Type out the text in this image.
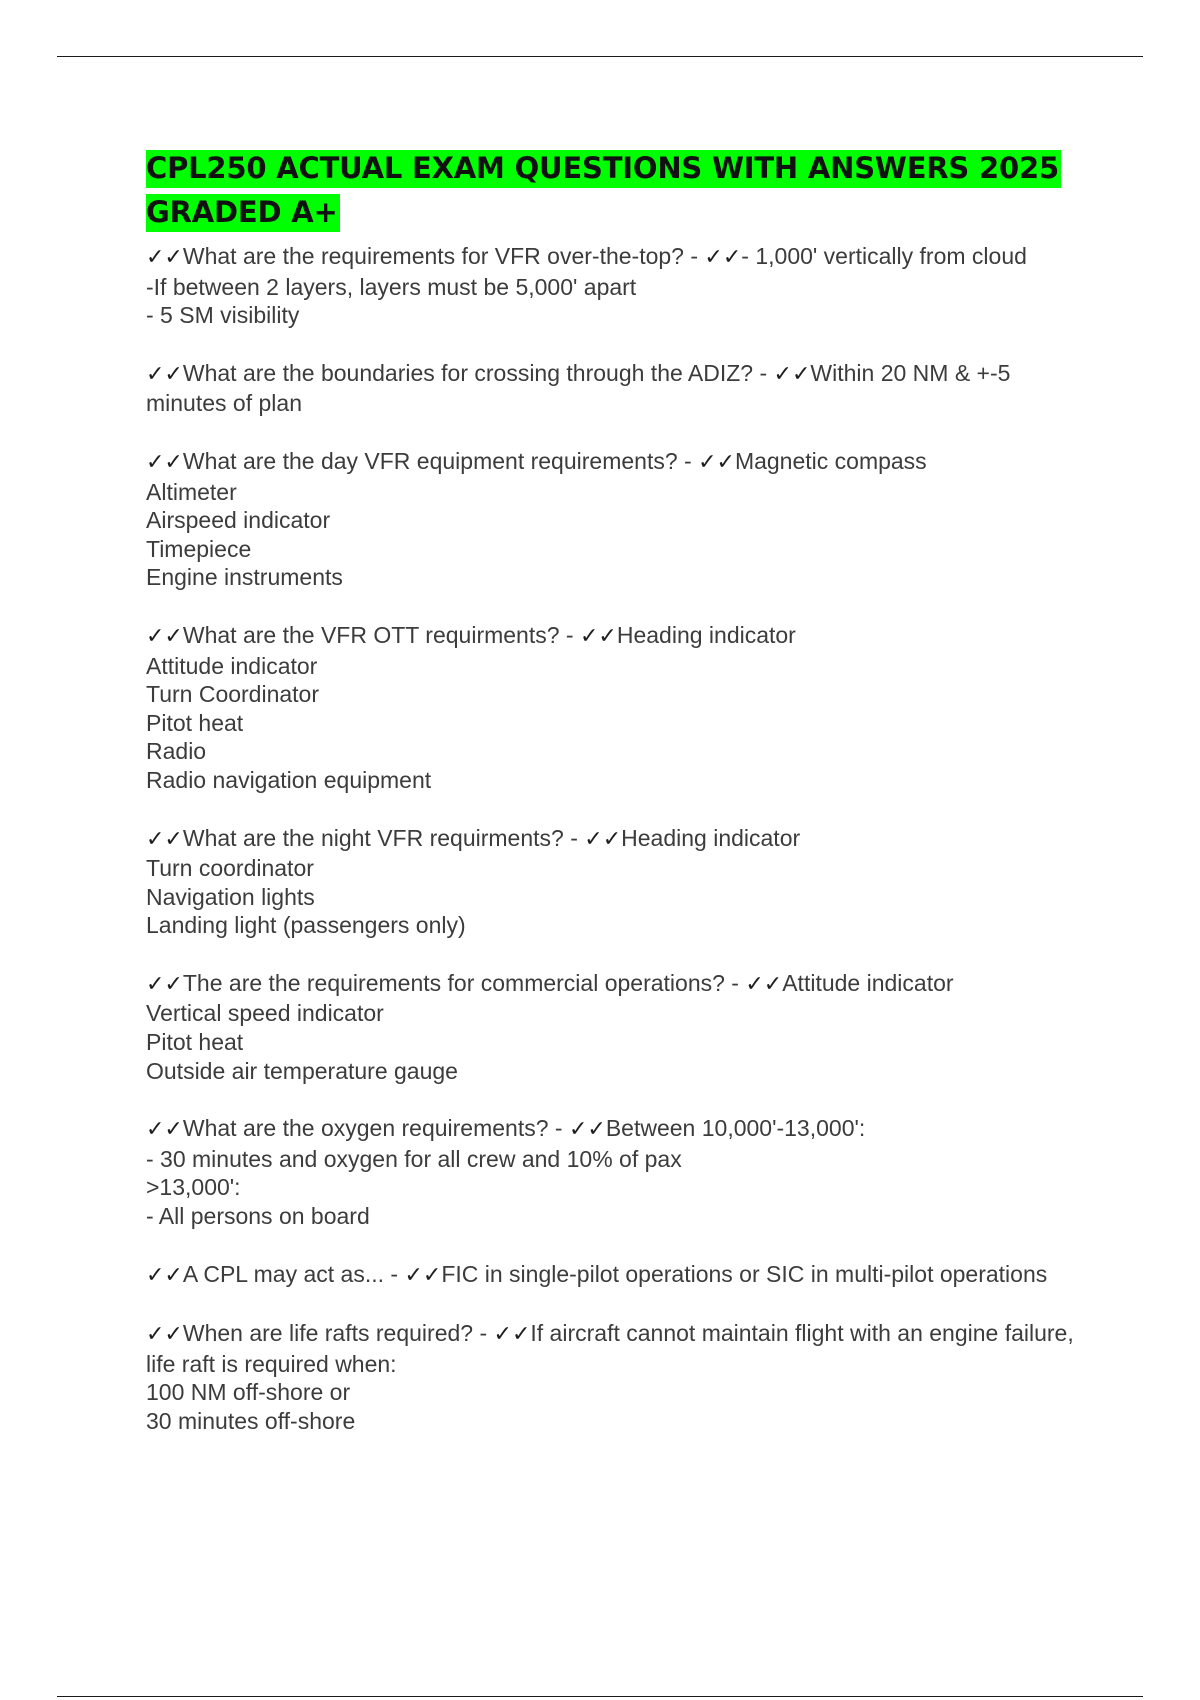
CPL250 ACTUAL EXAM QUESTIONS WITH ANSWERS 2025 GRADED A+
✓✓What are the requirements for VFR over-the-top? - ✓✓- 1,000' vertically from cloud
-If between 2 layers, layers must be 5,000' apart
- 5 SM visibility
✓✓What are the boundaries for crossing through the ADIZ? - ✓✓Within 20 NM & +-5 minutes of plan
✓✓What are the day VFR equipment requirements? - ✓✓Magnetic compass
Altimeter
Airspeed indicator
Timepiece
Engine instruments
✓✓What are the VFR OTT requirments? - ✓✓Heading indicator
Attitude indicator
Turn Coordinator
Pitot heat
Radio
Radio navigation equipment
✓✓What are the night VFR requirments? - ✓✓Heading indicator
Turn coordinator
Navigation lights
Landing light (passengers only)
✓✓The are the requirements for commercial operations? - ✓✓Attitude indicator
Vertical speed indicator
Pitot heat
Outside air temperature gauge
✓✓What are the oxygen requirements? - ✓✓Between 10,000'-13,000':
- 30 minutes and oxygen for all crew and 10% of pax
>13,000':
- All persons on board
✓✓A CPL may act as... - ✓✓FIC in single-pilot operations or SIC in multi-pilot operations
✓✓When are life rafts required? - ✓✓If aircraft cannot maintain flight with an engine failure, life raft is required when:
100 NM off-shore or
30 minutes off-shore
